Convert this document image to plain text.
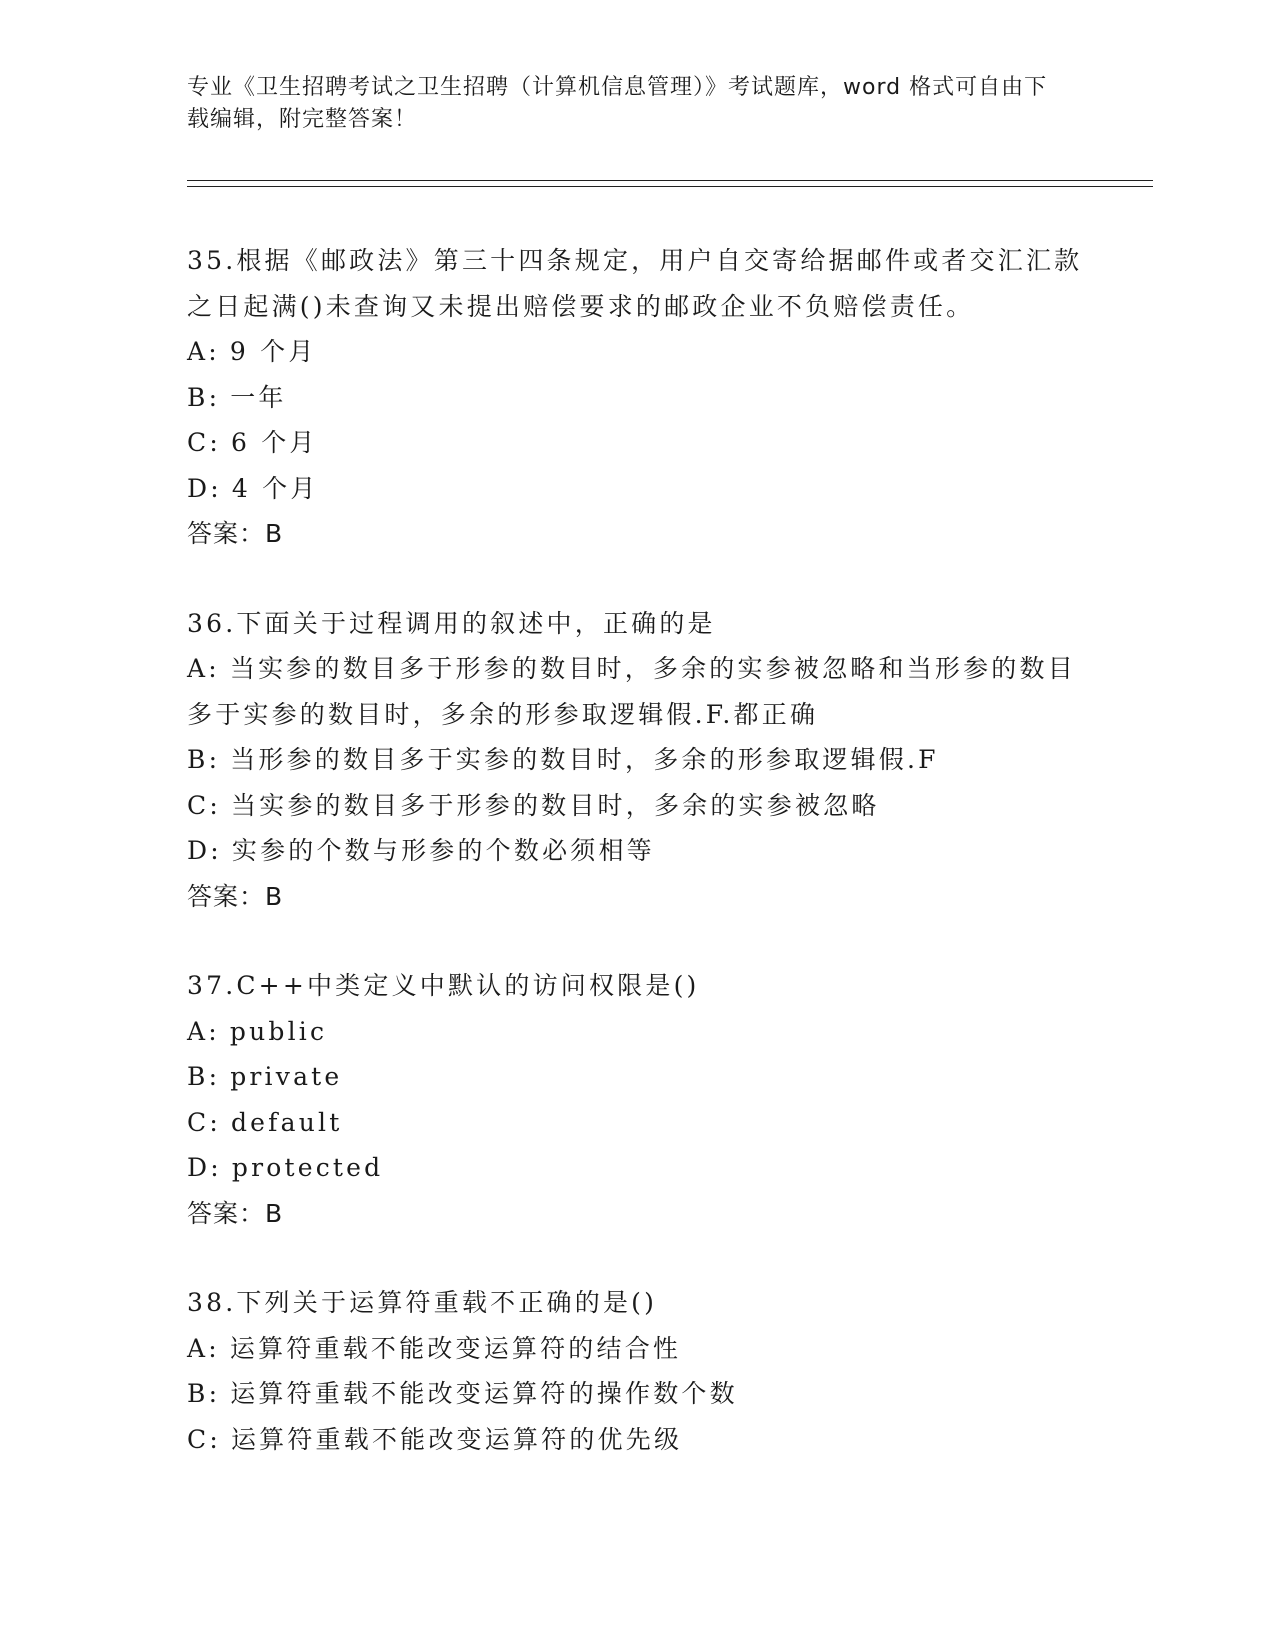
专业《卫生招聘考试之卫生招聘（计算机信息管理）》考试题库，word 格式可自由下载编辑，附完整答案！

35.根据《邮政法》第三十四条规定，用户自交寄给据邮件或者交汇汇款之日起满()未查询又未提出赔偿要求的邮政企业不负赔偿责任。

A: 9 个月

B: 一年

C: 6 个月

D: 4 个月

答案：B

36.下面关于过程调用的叙述中，正确的是

A: 当实参的数目多于形参的数目时，多余的实参被忽略和当形参的数目多于实参的数目时，多余的形参取逻辑假.F.都正确

B: 当形参的数目多于实参的数目时，多余的形参取逻辑假.F

C: 当实参的数目多于形参的数目时，多余的实参被忽略

D: 实参的个数与形参的个数必须相等

答案：B

37.C++中类定义中默认的访问权限是()

A: public

B: private

C: default

D: protected

答案：B

38.下列关于运算符重载不正确的是()

A: 运算符重载不能改变运算符的结合性

B: 运算符重载不能改变运算符的操作数个数

C: 运算符重载不能改变运算符的优先级
